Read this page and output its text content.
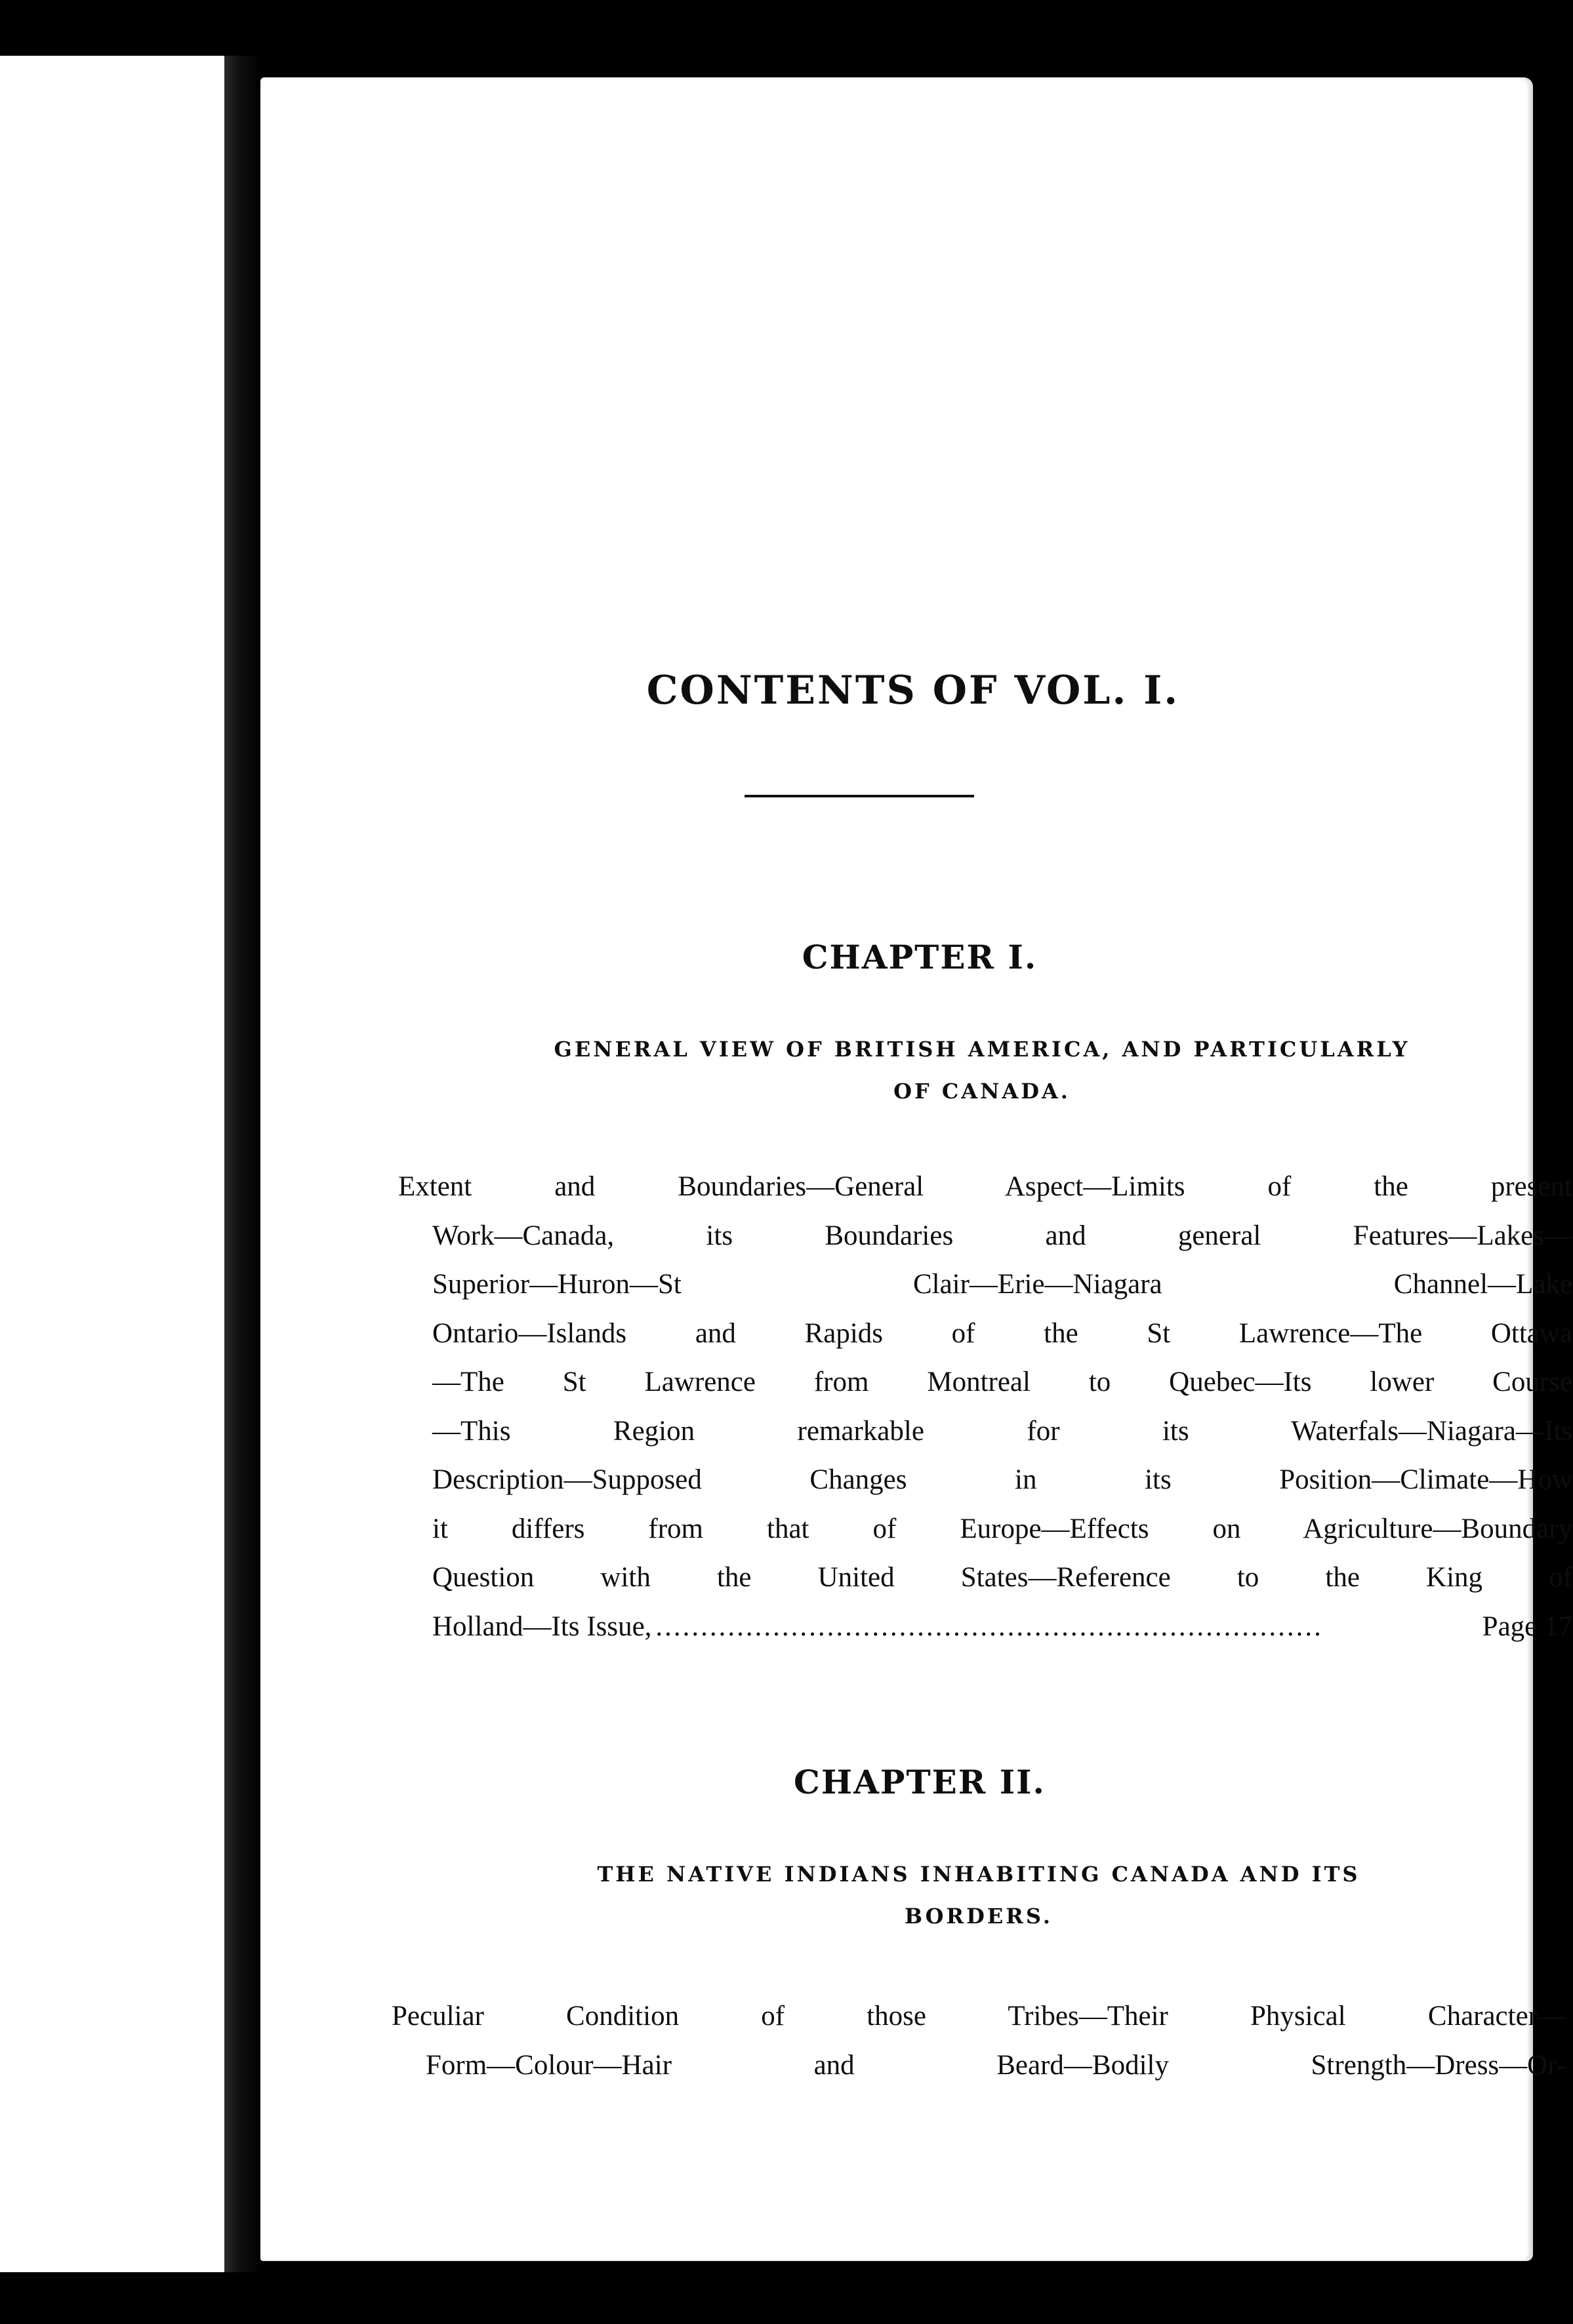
CONTENTS OF VOL. I.
CHAPTER I.
GENERAL VIEW OF BRITISH AMERICA, AND PARTICULARLY
OF CANADA.
Extent and Boundaries—General Aspect—Limits of the present
Work—Canada, its Boundaries and general Features—Lakes—
Superior—Huron—St Clair—Erie—Niagara Channel—Lake
Ontario—Islands and Rapids of the St Lawrence—The Ottawa
—The St Lawrence from Montreal to Quebec—Its lower Course
—This Region remarkable for its Waterfals—Niagara—Its
Description—Supposed Changes in its Position—Climate—How
it differs from that of Europe—Effects on Agriculture—Boundary
Question with the United States—Reference to the King of
Holland—Its Issue, ..........................................................................	Page 17
CHAPTER II.
THE NATIVE INDIANS INHABITING CANADA AND ITS
BORDERS.
Peculiar Condition of those Tribes—Their Physical Character—
Form—Colour—Hair and Beard—Bodily Strength—Dress—Or-
